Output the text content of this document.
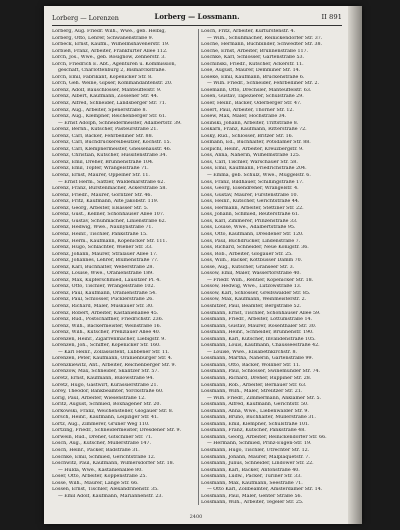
Lorberg — Lorenzen	Lorberg — Lossmann.	II 891
Lorberg, Aug. Friedr. Wilh., Wwe., geb. Helbig,
Lorberg, Otto, Lehrer, Schwanenstraße 9.
Lorbeck, Ernst, Kaufm., Wilhelmshavenerstr. 19.
Lorbieß, Franz, Arbeiter, Frankfurter Allee 112.
Lorch, Jos., Wwe., geb. Rosignow, Zehnerstr. 3.
Lorch, Friedrich E. Abt., Agenturen u. Kommission,
geschäft, Charlottenburg 2, Bismarckstraße.
Lorch, Emil, Fabrikant, Köpenicker Str. 8.
Lorch, Geh. Weine, Gipser, Kommandantenstr. 20.
Lorenz, Adolf, Bauschlosser, Manteuffelstr. 9.
Lorenz, Albert, Kaufmann, Zossener Str. 44.
Lorenz, Alfred, Schneider, Landsberger Str. 71.
Lorenz, Aug., Arbeiter, Spenerstraße 8.
Lorenz, Aug., Klempner, Reichenberger Str. 61.
— Ernst Adolph, Schneidermeister, Adalbertstr. 39.
Lorenz, Bernh., Kutscher, Pasteurstraße 21.
Lorenz, Carl, Bäcker, Fehrbelliner Str. 88.
Lorenz, Carl, Buchdruckereibesitzer, Kochstr. 15.
Lorenz, Carl, Klempnermeister, Gneisenaustr. 46.
Lorenz, Christian, Kutscher, Hussitenstraße 34.
Lorenz, Emil, Dreher, Brunnenstraße 104.
Lorenz, Emil, Töpfer, Wrangelstraße 71.
Lorenz, Ernst, Maurer, Oppelner Str. 11.
— Ernst Herm., Sattler, Waldemarstraße 62.
Lorenz, Franz, Bürstenmacher, Ackerstraße 58.
Lorenz, Friedr., Maurer, Görlitzer Str. 46.
Lorenz, Fritz, Kaufmann, Alte Jakobstr. 119.
Lorenz, Georg, Arbeiter, Elsasser Str. 5.
Lorenz, Gust., Kellner, Schönhauser Allee 107.
Lorenz, Gustav, Schuhmacher, Linienstraße 62.
Lorenz, Hedwig, Wwe., Naunynstraße 71.
Lorenz, Heinr., Tischler, Pankstraße 15.
Lorenz, Herm., Kaufmann, Köpenicker Str. 111.
Lorenz, Hugo, Schlächter, Wiener Str. 33.
Lorenz, Johann, Maurer, Stralauer Allee 17.
Lorenz, Johannes, Lehrer, Blumenstraße 77.
Lorenz, Karl, Buchhalter, Weberstraße 28.
Lorenz, Louise, Wwe., Oranienstraße 189.
Lorenz, Max, Kupferschmied, Lausitzer Pl. 4.
Lorenz, Otto, Tischler, Wrangelstraße 102.
Lorenz, Paul, Kaufmann, Oranienstraße 54.
Lorenz, Paul, Schlosser, Pücklerstraße 26.
Lorenz, Richard, Maler, Muskauer Str. 30.
Lorenz, Robert, Arbeiter, Kastanienallee 45.
Lorenz, Rud., Postschaffner, Friedrichstr. 236.
Lorenz, Wilh., Bäckermeister, Weinstraße 16.
Lorenz, Wilh., Kutscher, Prenzlauer Allee 40.
Lorenzen, Heinr., Zigarrenmacher, Liebigstr. 9.
Lorenzen, Joh., Schiffer, Köpenicker Str. 160.
— Karl Heinr., Zollassistent, Lübbener Str. 11.
Lorenzen, Peter, Kaufmann, Oranienburger Str. 4.
Lorenzkiewitz, Ant., Arbeiter, Reichenberger Str. 9.
Lorenzow, Max, Schneider, Skalitzer Str. 57.
Loretz, Ernst, Kaufmann, Bülowstraße 94.
Loretz, Hugo, Gastwirt, Kürassierstraße 21.
Lorey, Theodor, Bankbeamter, Yorckstraße 60.
Lorig, Paul, Arbeiter, Wiesenstraße 12.
Loritz, August, Schmied, Boxhagener Str. 20.
Lorkowski, Franz, Weichensteller, Glogauer Str. 8.
Lorsch, Heinr., Kaufmann, Leipziger Str. 41.
Lortz, Aug., Zimmerer, Grüner Weg 110.
Lortzing, Friedr., Schneidermeister, Dresdener Str. 9.
Lorwein, Rud., Dreher, Gitschiner Str. 71.
Losch, Aug., Kutscher, Müllerstraße 147.
Losch, Heinr., Packer, Badstraße 31.
Loschke, Emil, Schmied, Gerichtstraße 12.
Loschwitz, Paul, Kaufmann, Wilmersdorfer Str. 18.
— Hulda, Wwe., Kastanienallee 80.
Loser, Otto, Arbeiter, Koppenstraße 25.
Losse, Wilh., Maurer, Lange Str. 66.
Lossen, Ernst, Tischler, Alexandrinenstr. 35.
— Emil Adolf, Kaufmann, Mariannenstr. 23.
Losch, Fritz, Arbeiter, Kurfürstenstr. 4.
— Wilh., Schuhmacher, Reinickendorfer Str. 37.
Losche, Hermann, Buchbinder, Schwedter Str. 38.
Lösche, Ernst, Arbeiter, Brunnenstraße 117.
Löschke, Karl, Schlosser, Gartenstraße 53.
Loschinski, Friedr., Kutscher, Ackerstr. 11.
Lose, August, Maurer, Demminer Str. 14.
Loseke, Emil, Kaufmann, Brückenstraße 6.
— Wilh. Friedr., Schneider, Fehrbelliner Str. 2.
Losemann, Otto, Drechsler, Manteuffelstr. 63.
Losen, Gustav, Tapezierer, Schulstraße 29.
Loser, Heinr., Bäcker, Oderberger Str. 47.
Losert, Paul, Arbeiter, Thorner Str. 12.
Losew, Max, Maler, Hochstraße 34.
Losinski, Johann, Arbeiter, Triftstraße 8.
Loskarn, Franz, Kaufmann, Ritterstraße 72.
Losky, Rud., Schlosser, Britzer Str. 16.
Losmann, Ed., Buchhalter, Potsdamer Str. 88.
Lospichl, Heinr., Arbeiter, Kreuzbergstr. 9.
Loss, Anna, Näherin, Wilhelmstraße 125.
Loss, Carl, Tischler, Warschauer Str. 58.
Loss, Emil, Kaufmann, Friedrichstraße 204.
— Emma, geb. Schulz, Wwe., Müggelstr. 6.
Loss, Franz, Bildhauer, Schillingstraße 17.
Loss, Georg, Eisendreher, Wrangelstr. 4.
Loss, Gustav, Maurer, Fürstenstraße 10.
Loss, Heinr., Kutscher, Gerichtstraße 44.
Loss, Hermann, Arbeiter, Stettiner Str. 22.
Loss, Johann, Schmied, Reuterstraße 61.
Loss, Karl, Zimmerer, Prinzenstraße 33.
Loss, Louise, Wwe., Adalbertstraße 95.
Loss, Otto, Kaufmann, Dresdener Str. 120.
Loss, Paul, Buchdrucker, Lindenstraße 7.
Loss, Richard, Schneider, Neue Königstr. 36.
Loss, Rob., Arbeiter, Glogauer Str. 25.
Loss, Wilh., Bäcker, Kottbusser Damm 70.
Losse, Aug., Kutscher, Granseer Str. 3.
Lossow, Emil, Maler, Wassertorstraße 40.
— Friedr. Wilh., Rentier, Köpenicker Str. 18.
Lossow, Hedwig, Wwe., Lützowstraße 13.
Lossow, Karl, Schlosser, Greifswalder Str. 85.
Lossow, Max, Kaufmann, Weinmeisterstr. 2.
Lossnitzer, Paul, Beamter, Bergstraße 52.
Lossmann, Ernst, Tischler, Schönhauser Allee 59.
Lossmann, Friedr., Arbeiter, Lottumstraße 14.
Lossmann, Gustav, Maurer, Rosenthaler Str. 30.
Lossmann, Heinr., Schneider, Brunnenstr. 190.
Lossmann, Karl, Kutscher, Invalidenstraße 105.
Lossmann, Louis, Kaufmann, Chausseestraße 42.
— Louise, Wwe., Elisabethkirchstr. 8.
Lossmann, Martha, Näherin, Gartenstraße 99.
Lossmann, Otto, Bäcker, Wolliner Str. 11.
Lossmann, Paul, Schlosser, Swinemünder Str. 74.
Lossmann, Richard, Dreher, Ruppiner Str. 28.
Lossmann, Rob., Arbeiter, Bernauer Str. 63.
Lossmann, Wilh., Maler, Strelitzer Str. 21.
— Wilh. Friedr., Zimmermann, Anklamer Str. 5.
Lossmann, Alfred, Kaufmann, Gerichtstr. 50.
Lossmann, Anna, Wwe., Liebenwalder Str. 9.
Lossmann, Bruno, Buchhalter, Müllerstraße 31.
Lossmann, Emil, Klempner, Schulstraße 101.
Lossmann, Franz, Kutscher, Pankstraße 48.
Lossmann, Georg, Arbeiter, Reinickendorfer Str. 66.
— Hermann, Schmied, Prinz-Eugen-Str. 19.
Lossmann, Hugo, Tischler, Utrechter Str. 12.
Lossmann, Johann, Maurer, Malplaquetstr. 7.
Lossmann, Julius, Schneider, Lindower Str. 22.
Lossmann, Karl, Bäcker, Antonstraße 40.
Lossmann, Ludw., Packer, Turiner Str. 33.
Lossmann, Max, Kaufmann, Seestraße 71.
— Otto Karl, Zollbeamter, Amsterdamer Str. 14.
Lossmann, Paul, Maler, Genter Straße 56.
Lossmann, Wilh., Arbeiter, Tegeler Str. 25.
2400
